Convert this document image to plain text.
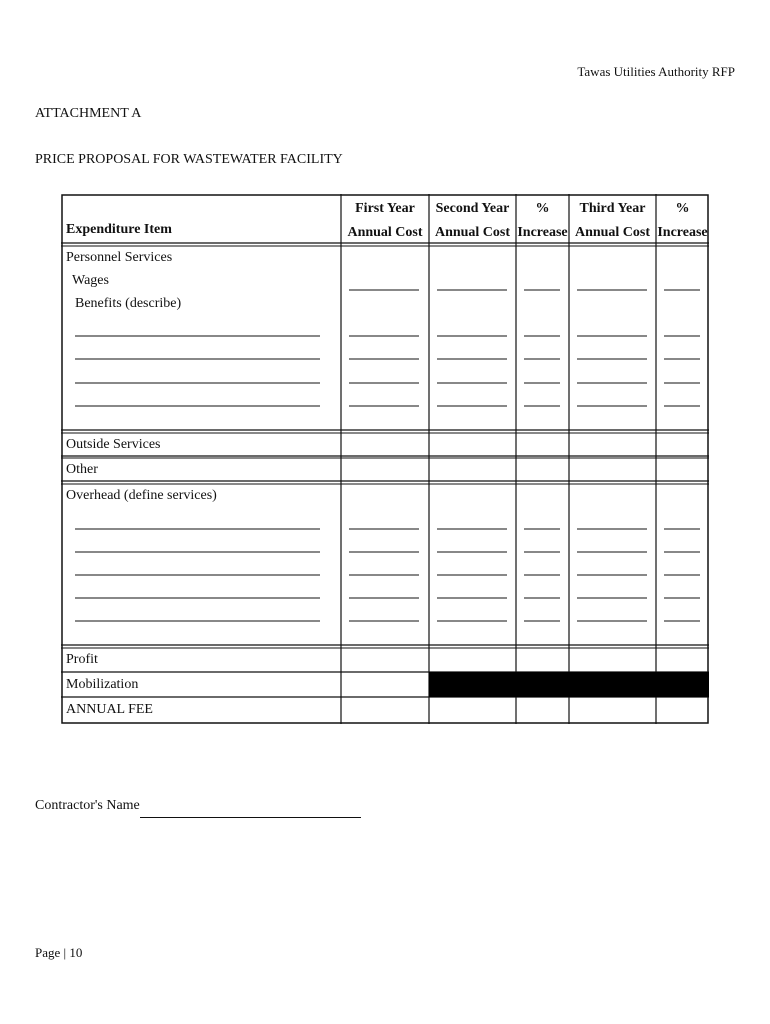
Tawas Utilities Authority RFP
ATTACHMENT A
PRICE PROPOSAL FOR WASTEWATER FACILITY
Expenditure Item
First Year
Annual Cost
Second Year
Annual Cost
%
Increase
Third Year
Annual Cost
%
Increase
Personnel Services
Wages
Benefits (describe)
Outside Services
Other
Overhead (define services)
Profit
Mobilization
ANNUAL FEE
Contractor's Name
Page | 10
